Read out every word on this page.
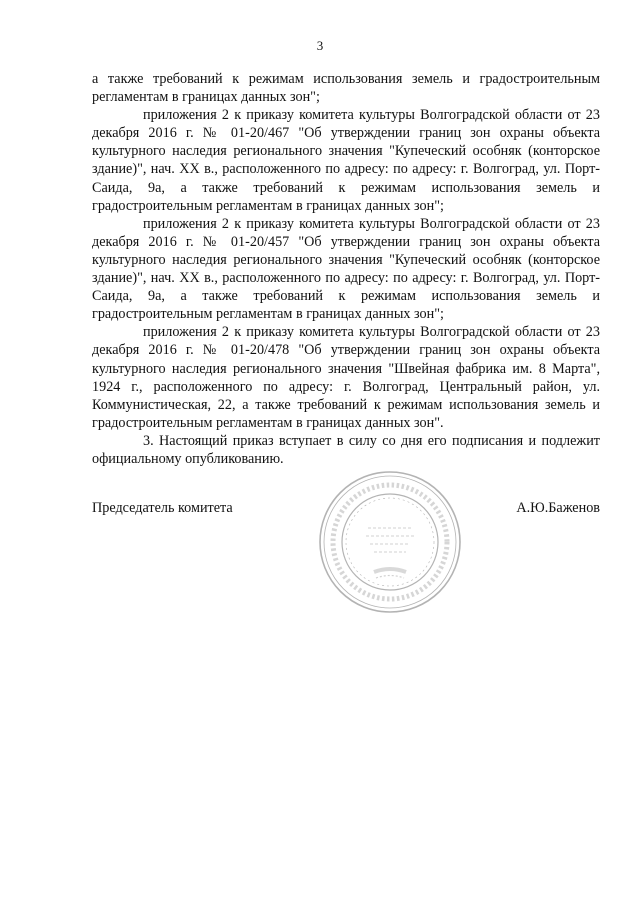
3

а также требований к режимам использования земель и градостроительным регламентам в границах данных зон";

приложения 2 к приказу комитета культуры Волгоградской области от 23 декабря 2016 г. № 01-20/467 "Об утверждении границ зон охраны объекта культурного наследия регионального значения "Купеческий особняк (конторское здание)", нач. XX в., расположенного по адресу: по адресу: г. Волгоград, ул. Порт-Саида, 9а, а также требований к режимам использования земель и градостроительным регламентам в границах данных зон";

приложения 2 к приказу комитета культуры Волгоградской области от 23 декабря 2016 г. № 01-20/457 "Об утверждении границ зон охраны объекта культурного наследия регионального значения "Купеческий особняк (конторское здание)", нач. XX в., расположенного по адресу: по адресу: г. Волгоград, ул. Порт-Саида, 9а, а также требований к режимам использования земель и градостроительным регламентам в границах данных зон";

приложения 2 к приказу комитета культуры Волгоградской области от 23 декабря 2016 г. № 01-20/478 "Об утверждении границ зон охраны объекта культурного наследия регионального значения "Швейная фабрика им. 8 Марта", 1924 г., расположенного по адресу: г. Волгоград, Центральный район, ул. Коммунистическая, 22, а также требований к режимам использования земель и градостроительным регламентам в границах данных зон".

3. Настоящий приказ вступает в силу со дня его подписания и подлежит официальному опубликованию.

Председатель комитета	А.Ю.Баженов
